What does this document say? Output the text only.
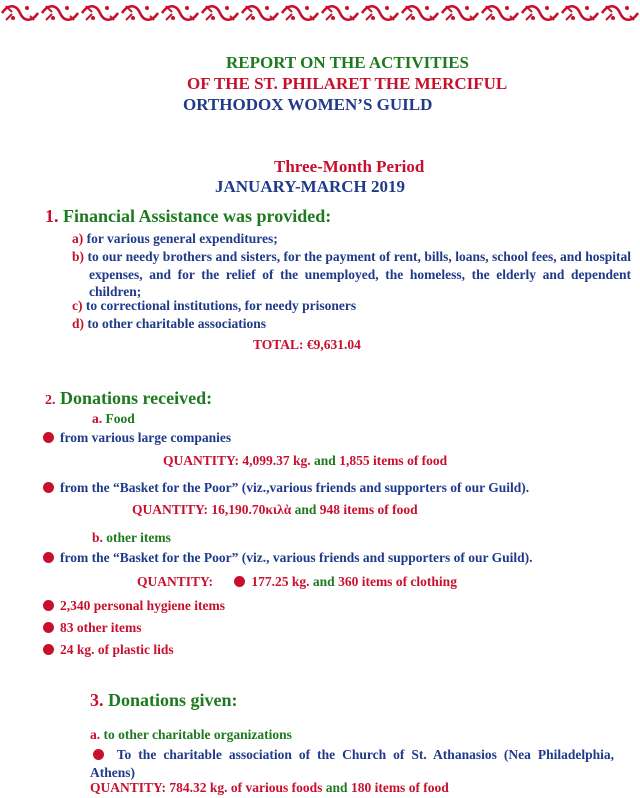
REPORT ON THE ACTIVITIES
OF THE ST. PHILARET THE MERCIFUL
ORTHODOX WOMEN’S GUILD
Three-Month Period
JANUARY-MARCH 2019
1. Financial Assistance was provided:
a) for various general expenditures;
b) to our needy brothers and sisters, for the payment of rent, bills, loans, school fees, and hospital expenses, and for the relief of the unemployed, the homeless, the elderly and dependent children;
c) to correctional institutions, for needy prisoners
d) to other charitable associations
TOTAL: €9,631.04
2. Donations received:
a. Food
from various large companies
QUANTITY: 4,099.37 kg. and 1,855 items of food
from the “Basket for the Poor” (viz.,various friends and supporters of our Guild).
QUANTITY: 16,190.70κιλὰ and 948 items of food
b. other items
from the “Basket for the Poor” (viz., various friends and supporters of our Guild).
QUANTITY:	177.25 kg. and 360 items of clothing
2,340 personal hygiene items
83 other items
24 kg. of plastic lids
3. Donations given:
a. to other charitable organizations
To the charitable association of the Church of St. Athanasios (Nea Philadelphia, Athens)
QUANTITY: 784.32 kg. of various foods and 180 items of food
